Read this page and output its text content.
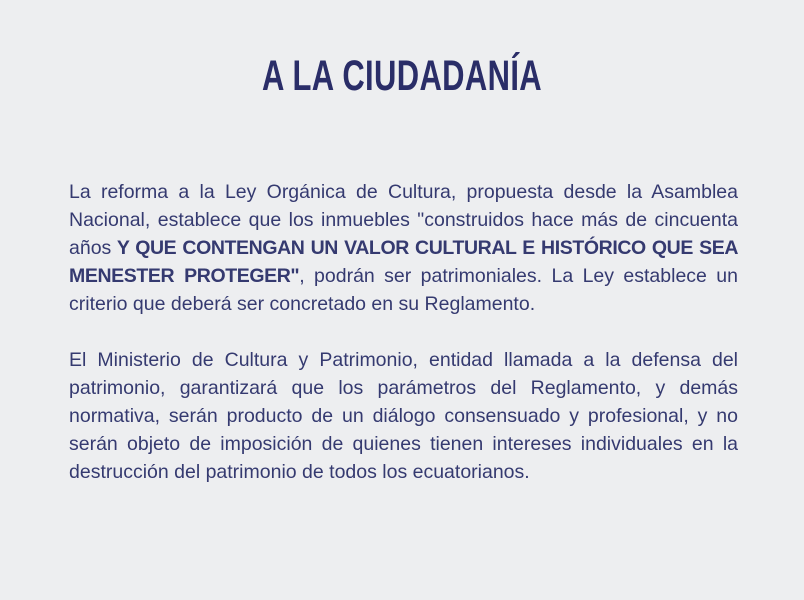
A LA CIUDADANÍA

La reforma a la Ley Orgánica de Cultura, propuesta desde la Asamblea Nacional, establece que los inmuebles "construidos hace más de cincuenta años Y QUE CONTENGAN UN VALOR CULTURAL E HISTÓRICO QUE SEA MENESTER PROTEGER", podrán ser patrimoniales. La Ley establece un criterio que deberá ser concretado en su Reglamento.

El Ministerio de Cultura y Patrimonio, entidad llamada a la defensa del patrimonio, garantizará que los parámetros del Reglamento, y demás normativa, serán producto de un diálogo consensuado y profesional, y no serán objeto de imposición de quienes tienen intereses individuales en la destrucción del patrimonio de todos los ecuatorianos.
